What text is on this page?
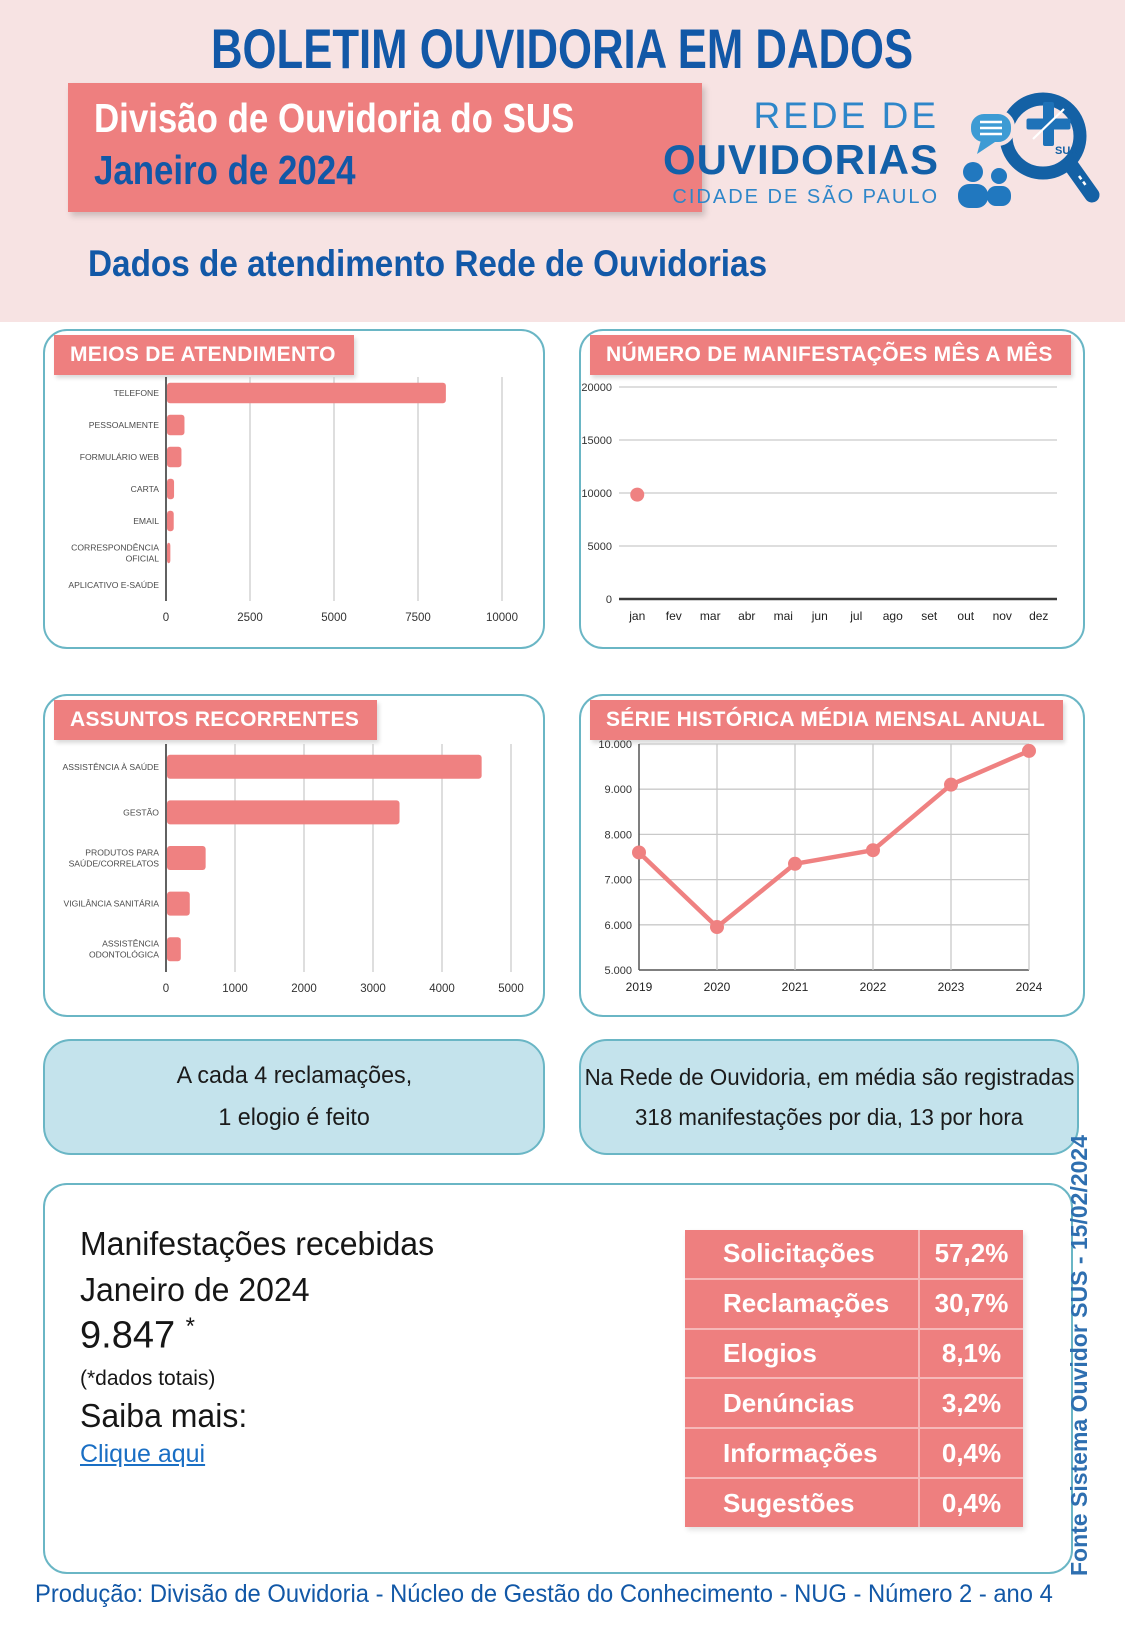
BOLETIM OUVIDORIA EM DADOS
Divisão de Ouvidoria do SUS
Janeiro de 2024
REDE DE
OUVIDORIAS
CIDADE DE SÃO PAULO
SUS
Dados de atendimento Rede de Ouvidorias
MEIOS DE ATENDIMENTO
0	2500	5000	7500	10000
TELEFONE
PESSOALMENTE
FORMULÁRIO WEB
CARTA
EMAIL
CORRESPONDÊNCIA
OFICIAL
APLICATIVO E-SAÚDE
NÚMERO DE MANIFESTAÇÕES MÊS A MÊS
0
5000
10000
15000
20000
jan fev mar abr mai jun jul ago set out nov dez
ASSUNTOS RECORRENTES
0	1000	2000	3000	4000	5000
ASSISTÊNCIA À SAÚDE
GESTÃO
PRODUTOS PARA
SAÚDE/CORRELATOS
VIGILÂNCIA SANITÁRIA
ASSISTÊNCIA
ODONTOLÓGICA
SÉRIE HISTÓRICA MÉDIA MENSAL ANUAL
5.000
6.000
7.000
8.000
9.000
10.000
2019	2020	2021	2022	2023	2024
A cada 4 reclamações,
1 elogio é feito
Na Rede de Ouvidoria, em média são registradas
318 manifestações por dia, 13 por hora
Manifestações recebidas
Janeiro de 2024
9.847 *
(*dados totais)
Saiba mais:
Clique aqui
Solicitações	57,2%
Reclamações	30,7%
Elogios	8,1%
Denúncias	3,2%
Informações	0,4%
Sugestões	0,4%	Fonte Sistema Ouvidor SUS - 15/02/2024
Produção: Divisão de Ouvidoria - Núcleo de Gestão do Conhecimento - NUG - Número 2 - ano 4
